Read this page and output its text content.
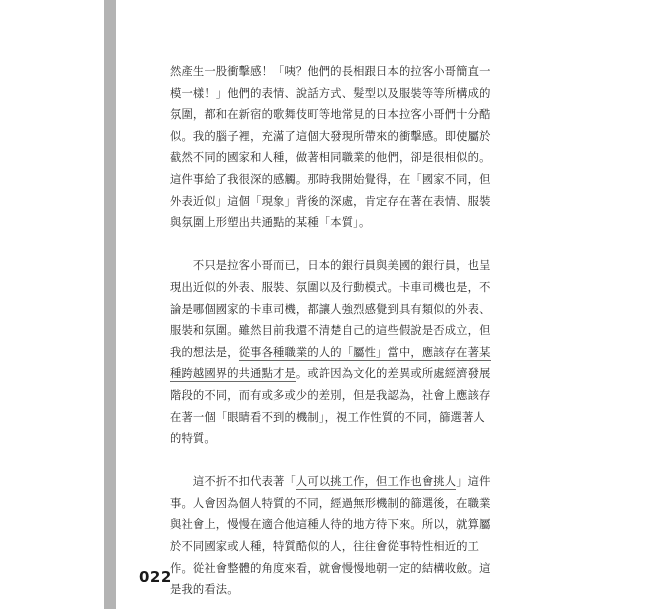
然產生一股衝擊感！「咦？他們的長相跟日本的拉客小哥簡直一

模一樣！」他們的表情、說話方式、髮型以及服裝等等所構成的

氛圍，都和在新宿的歌舞伎町等地常見的日本拉客小哥們十分酷

似。我的腦子裡，充滿了這個大發現所帶來的衝擊感。即使屬於

截然不同的國家和人種，做著相同職業的他們，卻是很相似的。

這件事給了我很深的感觸。那時我開始覺得，在「國家不同，但

外表近似」這個「現象」背後的深處，肯定存在著在表情、服裝

與氛圍上形塑出共通點的某種「本質」。

　　不只是拉客小哥而已，日本的銀行員與美國的銀行員，也呈

現出近似的外表、服裝、氛圍以及行動模式。卡車司機也是，不

論是哪個國家的卡車司機，都讓人強烈感覺到具有類似的外表、

服裝和氛圍。雖然目前我還不清楚自己的這些假說是否成立，但

我的想法是，從事各種職業的人的「屬性」當中，應該存在著某

種跨越國界的共通點才是。或許因為文化的差異或所處經濟發展

階段的不同，而有或多或少的差別，但是我認為，社會上應該存

在著一個「眼睛看不到的機制」，視工作性質的不同，篩選著人

的特質。

　　這不折不扣代表著「人可以挑工作，但工作也會挑人」這件

事。人會因為個人特質的不同，經過無形機制的篩選後，在職業

與社會上，慢慢在適合他這種人待的地方待下來。所以，就算屬

於不同國家或人種，特質酷似的人，往往會從事特性相近的工

作。從社會整體的角度來看，就會慢慢地朝一定的結構收斂。這

是我的看法。

022
